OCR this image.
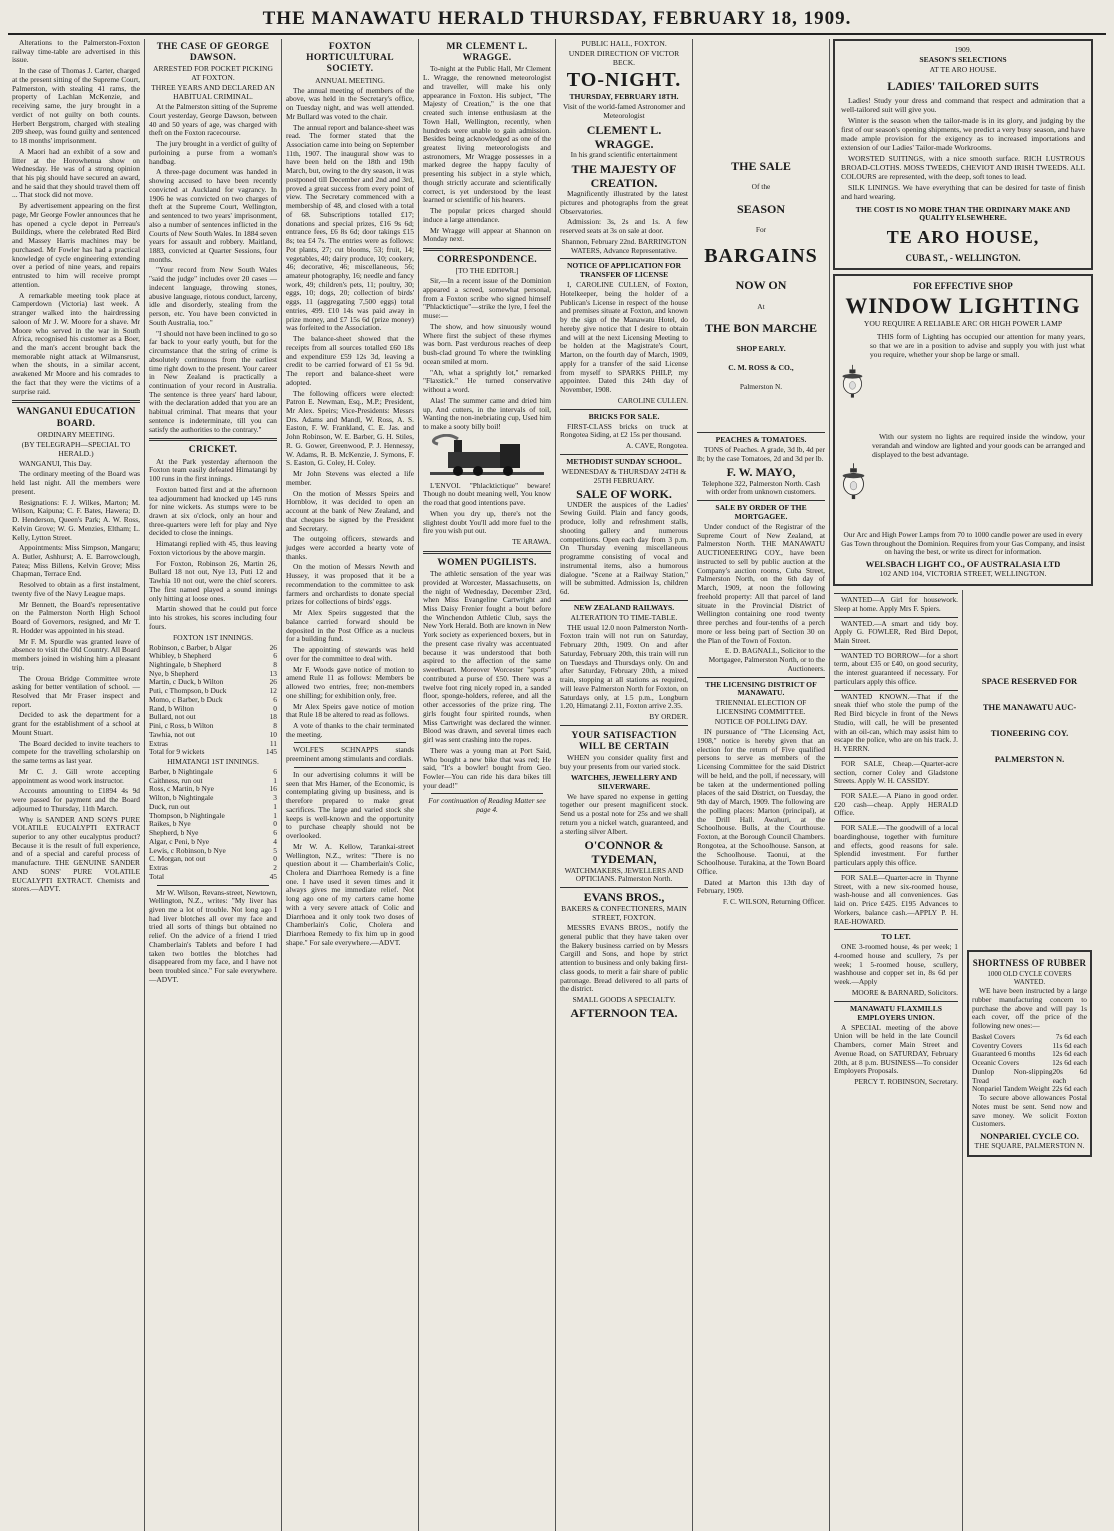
THE MANAWATU HERALD THURSDAY, FEBRUARY 18, 1909.

Alterations to the Palmerston-Foxton railway time-table are advertised in this issue.

In the case of Thomas J. Carter, charged at the present sitting of the Supreme Court, Palmerston, with stealing 41 rams, the property of Lachlan McKenzie, and receiving same, the jury brought in a verdict of not guilty on both counts. Herbert Bergstrom, charged with stealing 209 sheep, was found guilty and sentenced to 18 months' imprisonment.

A Maori had an exhibit of a sow and litter at the Horowhenua show on Wednesday. He was of a strong opinion that his pig should have secured an award, and he said that they should travel them off ... That stock did not move.

By advertisement appearing on the first page, Mr George Fowler announces that he has opened a cycle depot in Perreau's Buildings, where the celebrated Red Bird and Massey Harris machines may be purchased. Mr Fowler has had a practical knowledge of cycle engineering extending over a period of nine years, and repairs entrusted to him will receive prompt attention.

A remarkable meeting took place at Camperdown (Victoria) last week. A stranger walked into the hairdressing saloon of Mr J. W. Moore for a shave. Mr Moore who served in the war in South Africa, recognised his customer as a Boer, and the man's accent brought back the memorable night attack at Wilmansrust, when the shouts, in a similar accent, awakened Mr Moore and his comrades to the fact that they were the victims of a surprise raid.

WANGANUI EDUCATION BOARD.
ORDINARY MEETING.
(BY TELEGRAPH—SPECIAL TO HERALD.)

WANGANUI, This Day.

The ordinary meeting of the Board was held last night. All the members were present.

Resignations: F. J. Wilkes, Marton; M. Wilson, Kaipuna; C. F. Bates, Hawera; D. D. Henderson, Queen's Park; A. W. Ross, Kelvin Grove; W. G. Menzies, Eltham; L. Kelly, Lytton Street.

Appointments: Miss Simpson, Mangaru; A. Butler, Ashhurst; A. E. Barrowclough, Patea; Miss Billens, Kelvin Grove; Miss Chapman, Terrace End.

Resolved to obtain as a first instalment, twenty five of the Navy League maps.

Mr Bennett, the Board's representative on the Palmerston North High School Board of Governors, resigned, and Mr T. R. Hodder was appointed in his stead.

Mr F. M. Spurdle was granted leave of absence to visit the Old Country. All Board members joined in wishing him a pleasant trip.

The Oroua Bridge Committee wrote asking for better ventilation of school. — Resolved that Mr Fraser inspect and report.

Decided to ask the department for a grant for the establishment of a school at Mount Stuart.

The Board decided to invite teachers to compete for the travelling scholarship on the same terms as last year.

Mr C. J. Gill wrote accepting appointment as wood work instructor.

Accounts amounting to £1894 4s 9d were passed for payment and the Board adjourned to Thursday, 11th March.

Why is SANDER AND SON'S PURE VOLATILE EUCALYPTI EXTRACT superior to any other eucalyptus product? Because it is the result of full experience, and of a special and careful process of manufacture. THE GENUINE SANDER AND SONS' PURE VOLATILE EUCALYPTI EXTRACT. Chemists and stores.—ADVT.

THE CASE OF GEORGE DAWSON.
ARRESTED FOR POCKET PICKING AT FOXTON.
THREE YEARS AND DECLARED AN HABITUAL CRIMINAL.

At the Palmerston sitting of the Supreme Court yesterday, George Dawson, between 40 and 50 years of age, was charged with theft on the Foxton racecourse.

The jury brought in a verdict of guilty of purloining a purse from a woman's handbag.

A three-page document was handed in showing accused to have been recently convicted at Auckland for vagrancy. In 1906 he was convicted on two charges of theft at the Supreme Court, Wellington, and sentenced to two years' imprisonment, also a number of sentences inflicted in the Courts of New South Wales. In 1884 seven years for assault and robbery. Maitland, 1883, convicted at Quarter Sessions, four months.

"Your record from New South Wales "said the judge" includes over 20 cases — indecent language, throwing stones, abusive language, riotous conduct, larceny, idle and disorderly, stealing from the person, etc. You have been convicted in South Australia, too."

"I should not have been inclined to go so far back to your early youth, but for the circumstance that the string of crime is absolutely continuous from the earliest time right down to the present. Your career in New Zealand is practically a continuation of your record in Australia. The sentence is three years' hard labour, with the declaration added that you are an habitual criminal. That means that your sentence is indeterminate, till you can satisfy the authorities to the contrary."

CRICKET.

At the Park yesterday afternoon the Foxton team easily defeated Himatangi by 100 runs in the first innings.

Foxton batted first and at the afternoon tea adjournment had knocked up 145 runs for nine wickets. As stumps were to be drawn at six o'clock, only an hour and three-quarters were left for play and Nye decided to close the innings.

Himatangi replied with 45, thus leaving Foxton victorious by the above margin.

For Foxton, Robinson 26, Martin 26, Bullard 18 not out, Nye 13, Puti 12 and Tawhia 10 not out, were the chief scorers. The first named played a sound innings only hitting at loose ones.

Martin showed that he could put force into his strokes, his scores including four fours.

FOXTON 1ST INNINGS.
Robinson, c Barber, b Algar	26
Whibley, b Shepherd	6
Nightingale, b Shepherd	8
Nye, b Shepherd	13
Martin, c Duck, b Wilton	26
Puti, c Thompson, b Duck	12
Momo, c Barber, b Duck	6
Rand, b Wilton	0
Bullard, not out	18
Pini, c Ross, b Wilton	8
Tawhia, not out	10
Extras	11
Total for 9 wickets	145
HIMATANGI 1ST INNINGS.
Barber, b Nightingale	6
Caithness, run out	1
Ross, c Martin, b Nye	16
Wilton, b Nightingale	3
Duck, run out	1
Thompson, b Nightingale	1
Raikes, b Nye	0
Shepherd, b Nye	6
Algar, c Peni, b Nye	4
Lewis, c Robinson, b Nye	5
C. Morgan, not out	0
Extras	2
Total	45

Mr W. Wilson, Revans-street, Newtown, Wellington, N.Z., writes: "My liver has given me a lot of trouble. Not long ago I had liver blotches all over my face and tried all sorts of things but obtained no relief. On the advice of a friend I tried Chamberlain's Tablets and before I had taken two bottles the blotches had disappeared from my face, and I have not been troubled since." For sale everywhere.—ADVT.

FOXTON HORTICULTURAL SOCIETY.
ANNUAL MEETING.

The annual meeting of members of the above, was held in the Secretary's office, on Tuesday night, and was well attended. Mr Bullard was voted to the chair.

The annual report and balance-sheet was read. The former stated that the Association came into being on September 11th, 1907. The inaugural show was to have been held on the 18th and 19th March, but, owing to the dry season, it was postponed till December and 2nd and 3rd, proved a great success from every point of view. The Secretary commenced with a membership of 48, and closed with a total of 68. Subscriptions totalled £17; donations and special prizes, £16 9s 6d; entrance fees, £6 8s 6d; door takings £15 8s; tea £4 7s. The entries were as follows: Pot plants, 27; cut blooms, 53; fruit, 14; vegetables, 40; dairy produce, 10; cookery, 46; decorative, 46; miscellaneous, 56; amateur photography, 16; needle and fancy work, 49; children's pets, 11; poultry, 30; eggs, 10; dogs, 20; collection of birds' eggs, 11 (aggregating 7,500 eggs) total entries, 499. £10 14s was paid away in prize money, and £7 15s 6d (prize money) was forfeited to the Association.

The balance-sheet showed that the receipts from all sources totalled £60 18s and expenditure £59 12s 3d, leaving a credit to be carried forward of £1 5s 9d. The report and balance-sheet were adopted.

The following officers were elected: Patron E. Newman, Esq., M.P.; President, Mr Alex. Speirs; Vice-Presidents: Messrs Drs. Adams and Mandl, W. Ross, A. S. Easton, F. W. Frankland, C. E. Jas. and John Robinson, W. E. Barber, G. H. Stiles, R. G. Gower, Greenwood, P. J. Hennessy, W. Adams, R. B. McKenzie, J. Symons, F. S. Easton, G. Coley, H. Coley.

Mr John Stevens was elected a life member.

On the motion of Messrs Speirs and Hornblow, it was decided to open an account at the bank of New Zealand, and that cheques be signed by the President and Secretary.

The outgoing officers, stewards and judges were accorded a hearty vote of thanks.

On the motion of Messrs Newth and Hussey, it was proposed that it be a recommendation to the committee to ask farmers and orchardists to donate special prizes for collections of birds' eggs.

Mr Alex Speirs suggested that the balance carried forward should be deposited in the Post Office as a nucleus for a building fund.

The appointing of stewards was held over for the committee to deal with.

Mr F. Woods gave notice of motion to amend Rule 11 as follows: Members be allowed two entries, free; non-members one shilling; for exhibition only, free.

Mr Alex Speirs gave notice of motion that Rule 18 be altered to read as follows.

A vote of thanks to the chair terminated the meeting.

WOLFE'S SCHNAPPS stands preeminent among stimulants and cordials.

In our advertising columns it will be seen that Mrs Hamer, of the Economic, is contemplating giving up business, and is therefore prepared to make great sacrifices. The large and varied stock she keeps is well-known and the opportunity to purchase cheaply should not be overlooked.

Mr W. A. Kellow, Tarankai-street Wellington, N.Z., writes: "There is no question about it — Chamberlain's Colic, Cholera and Diarrhoea Remedy is a fine one. I have used it seven times and it always gives me immediate relief. Not long ago one of my carters came home with a very severe attack of Colic and Diarrhoea and it only took two doses of Chamberlain's Colic, Cholera and Diarrhoea Remedy to fix him up in good shape." For sale everywhere.—ADVT.

MR CLEMENT L. WRAGGE.

To-night at the Public Hall, Mr Clement L. Wragge, the renowned meteorologist and traveller, will make his only appearance in Foxton. His subject, "The Majesty of Creation," is the one that created such intense enthusiasm at the Town Hall, Wellington, recently, when hundreds were unable to gain admission. Besides being acknowledged as one of the greatest living meteorologists and astronomers, Mr Wragge possesses in a marked degree the happy faculty of presenting his subject in a style which, though strictly accurate and scientifically correct, is yet understood by the least learned or scientific of his hearers.

The popular prices charged should induce a large attendance.

Mr Wragge will appear at Shannon on Monday next.

CORRESPONDENCE.
[TO THE EDITOR.]

Sir,—In a recent issue of the Dominion appeared a screed, somewhat personal, from a Foxton scribe who signed himself "Phlacktictique"—strike the lyre, I feel the muse:—

The show, and how sinuously wound Where first the subject of these rhymes was born. Past verdurous reaches of deep bush-clad ground To where the twinkling ocean smiled at morn.

"Ah, what a sprightly lot," remarked "Flaxstick." He turned conservative without a word.

Alas! The summer came and dried him up, And cutters, in the intervals of toil, Wanting the non-inebriating cup, Used him to make a sooty billy boil!

L'ENVOI. "Phlacktictique" beware! Though no doubt meaning well, You know the road that good intentions pave.

When you dry up, there's not the slightest doubt You'll add more fuel to the fire you wish put out.

TE ARAWA.

WOMEN PUGILISTS.

The athletic sensation of the year was provided at Worcester, Massachusetts, on the night of Wednesday, December 23rd, when Miss Evangeline Cartwright and Miss Daisy Frenier fought a bout before the Winchendon Athletic Club, says the New York Herald. Both are known in New York society as experienced boxers, but in the present case rivalry was accentuated because it was understood that both aspired to the affection of the same sweetheart. Moreover Worcester "sports" contributed a purse of £50. There was a twelve foot ring nicely roped in, a sanded floor, sponge-holders, referee, and all the other accessories of the prize ring. The girls fought four spirited rounds, when Miss Cartwright was declared the winner. Blood was drawn, and several times each girl was sent crashing into the ropes.

There was a young man at Port Said, Who bought a new bike that was red; He said, "It's a bowler! bought from Geo. Fowler—You can ride his dara bikes till your dead!"

For continuation of Reading Matter see page 4.

PUBLIC HALL, FOXTON.
UNDER DIRECTION OF VICTOR BECK.
TO-NIGHT.
THURSDAY, FEBRUARY 18TH.

Visit of the world-famed Astronomer and Meteorologist

CLEMENT L. WRAGGE.

In his grand scientific entertainment

THE MAJESTY OF CREATION.

Magnificently illustrated by the latest pictures and photographs from the great Observatories.

Admission: 3s, 2s and 1s. A few reserved seats at 3s on sale at door.

Shannon, February 22nd. BARRINGTON WATERS, Advance Representative.

NOTICE OF APPLICATION FOR TRANSFER OF LICENSE

I, CAROLINE CULLEN, of Foxton, Hotelkeeper, being the holder of a Publican's License in respect of the house and premises situate at Foxton, and known by the sign of the Manawatu Hotel, do hereby give notice that I desire to obtain and will at the next Licensing Meeting to be holden at the Magistrate's Court, Marton, on the fourth day of March, 1909, apply for a transfer of the said License from myself to SPARKS PHILP, my appointee. Dated this 24th day of November, 1908.

CAROLINE CULLEN.

BRICKS FOR SALE.

FIRST-CLASS bricks on truck at Rongotea Siding, at £2 15s per thousand.

A. CAVE, Rongotea.

METHODIST SUNDAY SCHOOL.
WEDNESDAY & THURSDAY 24TH & 25TH FEBRUARY.
SALE OF WORK.

UNDER the auspices of the Ladies' Sewing Guild. Plain and fancy goods, produce, lolly and refreshment stalls, shooting gallery and numerous competitions. Open each day from 3 p.m. On Thursday evening miscellaneous programme consisting of vocal and instrumental items, also a humorous dialogue. "Scene at a Railway Station," will be submitted. Admission 1s, children 6d.

NEW ZEALAND RAILWAYS.
ALTERATION TO TIME-TABLE.

THE usual 12.0 noon Palmerston North-Foxton train will not run on Saturday, February 20th, 1909. On and after Saturday, February 20th, this train will run on Tuesdays and Thursdays only. On and after Saturday, February 20th, a mixed train, stopping at all stations as required, will leave Palmerston North for Foxton, on Saturdays only, at 1.5 p.m., Longburn 1.20, Himatangi 2.11, Foxton arrive 2.35.

BY ORDER.

YOUR SATISFACTION WILL BE CERTAIN

WHEN you consider quality first and buy your presents from our varied stock.

WATCHES, JEWELLERY AND SILVERWARE.

We have spared no expense in getting together our present magnificent stock. Send us a postal note for 25s and we shall return you a nickel watch, guaranteed, and a sterling silver Albert.

O'CONNOR & TYDEMAN,

WATCHMAKERS, JEWELLERS AND OPTICIANS. Palmerston North.

EVANS BROS.,
BAKERS & CONFECTIONERS, MAIN STREET, FOXTON.

MESSRS EVANS BROS., notify the general public that they have taken over the Bakery business carried on by Messrs Cargill and Sons, and hope by strict attention to business and only baking first-class goods, to merit a fair share of public patronage. Bread delivered to all parts of the district.

SMALL GOODS A SPECIALTY.
AFTERNOON TEA.
THE SALE

Of the

SEASON

For

BARGAINS
NOW ON

At

THE BON MARCHE
SHOP EARLY.
C. M. ROSS & CO.,

Palmerston N.

PEACHES & TOMATOES.

TONS of Peaches. A grade, 3d lb, 4d per lb; by the case Tomatoes, 2d and 3d per lb.

F. W. MAYO,

Telephone 322, Palmerston North. Cash with order from unknown customers.

SALE BY ORDER OF THE MORTGAGEE.

Under conduct of the Registrar of the Supreme Court of New Zealand, at Palmerston North. THE MANAWATU AUCTIONEERING COY., have been instructed to sell by public auction at the Company's auction rooms, Cuba Street, Palmerston North, on the 6th day of March, 1909, at noon the following freehold property: All that parcel of land situate in the Provincial District of Wellington containing one rood twenty three perches and four-tenths of a perch more or less being part of Section 30 on the Plan of the Town of Foxton.

E. D. BAGNALL, Solicitor to the Mortgagee, Palmerston North, or to the Auctioneers.

THE LICENSING DISTRICT OF MANAWATU.
TRIENNIAL ELECTION OF LICENSING COMMITTEE.
NOTICE OF POLLING DAY.

IN pursuance of "The Licensing Act, 1908," notice is hereby given that an election for the return of Five qualified persons to serve as members of the Licensing Committee for the said District will be held, and the poll, if necessary, will be taken at the undermentioned polling places of the said District, on Tuesday, the 9th day of March, 1909. The following are the polling places: Marton (principal), at the Drill Hall. Awahuri, at the Schoolhouse. Bulls, at the Courthouse. Foxton, at the Borough Council Chambers. Rongotea, at the Schoolhouse. Sanson, at the Schoolhouse. Taonui, at the Schoolhouse. Turakina, at the Town Board Office.

Dated at Marton this 13th day of February, 1909.

F. C. WILSON, Returning Officer.

1909.
SEASON'S SELECTIONS
AT TE ARO HOUSE.
LADIES' TAILORED SUITS

Ladies! Study your dress and command that respect and admiration that a well-tailored suit will give you.

Winter is the season when the tailor-made is in its glory, and judging by the first of our season's opening shipments, we predict a very busy season, and have made ample provision for the exigency as to increased importations and extension of our Ladies' Tailor-made Workrooms.

WORSTED SUITINGS, with a nice smooth surface. RICH LUSTROUS BROAD-CLOTHS. MOSS TWEEDS, CHEVIOT AND IRISH TWEEDS. ALL COLOURS are represented, with the deep, soft tones to lead.

SILK LININGS. We have everything that can be desired for taste of finish and hard wearing.

THE COST IS NO MORE THAN THE ORDINARY MAKE AND QUALITY ELSEWHERE.
TE ARO HOUSE,
CUBA ST., - WELLINGTON.
FOR EFFECTIVE SHOP
WINDOW LIGHTING
YOU REQUIRE A RELIABLE ARC OR HIGH POWER LAMP

THIS form of Lighting has occupied our attention for many years, so that we are in a position to advise and supply you with just what you require, whether your shop be large or small.

With our system no lights are required inside the window, your verandah and window are lighted and your goods can be arranged and displayed to the best advantage.

Our Arc and High Power Lamps from 70 to 1000 candle power are used in every Gas Town throughout the Dominion. Requires from your Gas Company, and insist on having the best, or write us direct for information.

WELSBACH LIGHT CO., OF AUSTRALASIA LTD
102 AND 104, VICTORIA STREET, WELLINGTON.

WANTED—A Girl for housework. Sleep at home. Apply Mrs F. Spiers.

WANTED.—A smart and tidy boy. Apply G. FOWLER, Red Bird Depot, Main Street.

WANTED TO BORROW—for a short term, about £35 or £40, on good security, the interest guaranteed if necessary. For particulars apply this office.

WANTED KNOWN.—That if the sneak thief who stole the pump of the Red Bird bicycle in front of the News Studio, will call, he will be presented with an oil-can, which may assist him to escape the police, who are on his track. J. H. YERRN.

FOR SALE, Cheap.—Quarter-acre section, corner Coley and Gladstone Streets. Apply W. H. CASSIDY.

FOR SALE.—A Piano in good order. £20 cash—cheap. Apply HERALD Office.

FOR SALE.—The goodwill of a local boardinghouse, together with furniture and effects, good reasons for sale. Splendid investment. For further particulars apply this office.

FOR SALE—Quarter-acre in Thynne Street, with a new six-roomed house, wash-house and all conveniences. Gas laid on. Price £425. £195 Advances to Workers, balance cash.—APPLY P. H. RAE-HOWARD.

TO LET.

ONE 3-roomed house, 4s per week; 1 4-roomed house and scullery, 7s per week; 1 5-roomed house, scullery, washhouse and copper set in, 8s 6d per week.—Apply

MOORE & BARNARD, Solicitors.

MANAWATU FLAXMILLS EMPLOYERS UNION.

A SPECIAL meeting of the above Union will be held in the late Council Chambers, corner Main Street and Avenue Road, on SATURDAY, February 20th, at 8 p.m. BUSINESS—To consider Employers Proposals.

PERCY T. ROBINSON, Secretary.

SPACE RESERVED FOR
THE MANAWATU AUC-
TIONEERING COY.
PALMERSTON N.
SHORTNESS OF RUBBER
1000 OLD CYCLE COVERS WANTED.

WE have been instructed by a large rubber manufacturing concern to purchase the above and will pay 1s each cover, off the price of the following new ones:—

Baskel Covers	7s 6d each
Coventry Covers	11s 6d each
Guaranteed 6 months 12s 6d each
Oceanic Covers	12s 6d each
Dunlop Non-slipping Tread
20s 6d each
Nonpariel Tandem Weight 22s 6d each

To secure above allowances Postal Notes must be sent. Send now and save money. We solicit Foxton Customers.

NONPARIEL CYCLE CO.
THE SQUARE, PALMERSTON N.
